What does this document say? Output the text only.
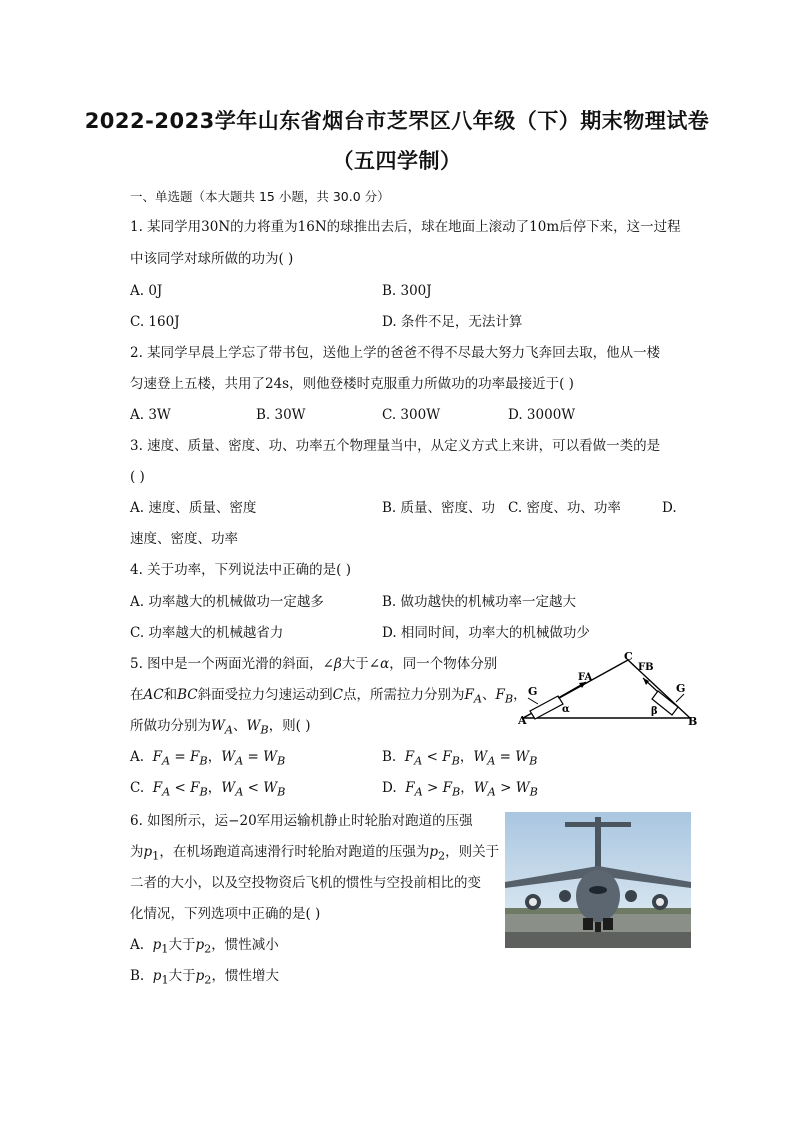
2022-2023学年山东省烟台市芝罘区八年级（下）期末物理试卷
（五四学制）
一、单选题（本大题共 15 小题，共 30.0 分）
1. 某同学用30N的力将重为16N的球推出去后，球在地面上滚动了10m后停下来，这一过程
中该同学对球所做的功为( )
A. 0J	B. 300J
C. 160J	D. 条件不足，无法计算
2. 某同学早晨上学忘了带书包，送他上学的爸爸不得不尽最大努力飞奔回去取，他从一楼
匀速登上五楼，共用了24s，则他登楼时克服重力所做功的功率最接近于( )
A. 3W	B. 30W	C. 300W	D. 3000W
3. 速度、质量、密度、功、功率五个物理量当中，从定义方式上来讲，可以看做一类的是
( )
A. 速度、质量、密度	B. 质量、密度、功 C. 密度、功、功率	D.
速度、密度、功率
4. 关于功率，下列说法中正确的是( )
A. 功率越大的机械做功一定越多	B. 做功越快的机械功率一定越大
C. 功率越大的机械越省力	D. 相同时间，功率大的机械做功少
5. 图中是一个两面光滑的斜面，∠β大于∠α，同一个物体分别
在AC和BC斜面受拉力匀速运动到C点，所需拉力分别为$F_A$、$F_B$，
所做功分别为$W_A$、$W_B$，则( )
A.  $F_A = F_B$，$W_A = W_B$	B.  $F_A < F_B$，$W_A = W_B$
C.  $F_A < F_B$，$W_A < W_B$	D.  $F_A > F_B$，$W_A > W_B$
A
C
B
G	G
FA
FB
α	β
6. 如图所示，运−20军用运输机静止时轮胎对跑道的压强
为$p_1$，在机场跑道高速滑行时轮胎对跑道的压强为$p_2$，则关于
二者的大小，以及空投物资后飞机的惯性与空投前相比的变
化情况，下列选项中正确的是( )
A.  $p_1$大于$p_2$，惯性减小
B.  $p_1$大于$p_2$，惯性增大
